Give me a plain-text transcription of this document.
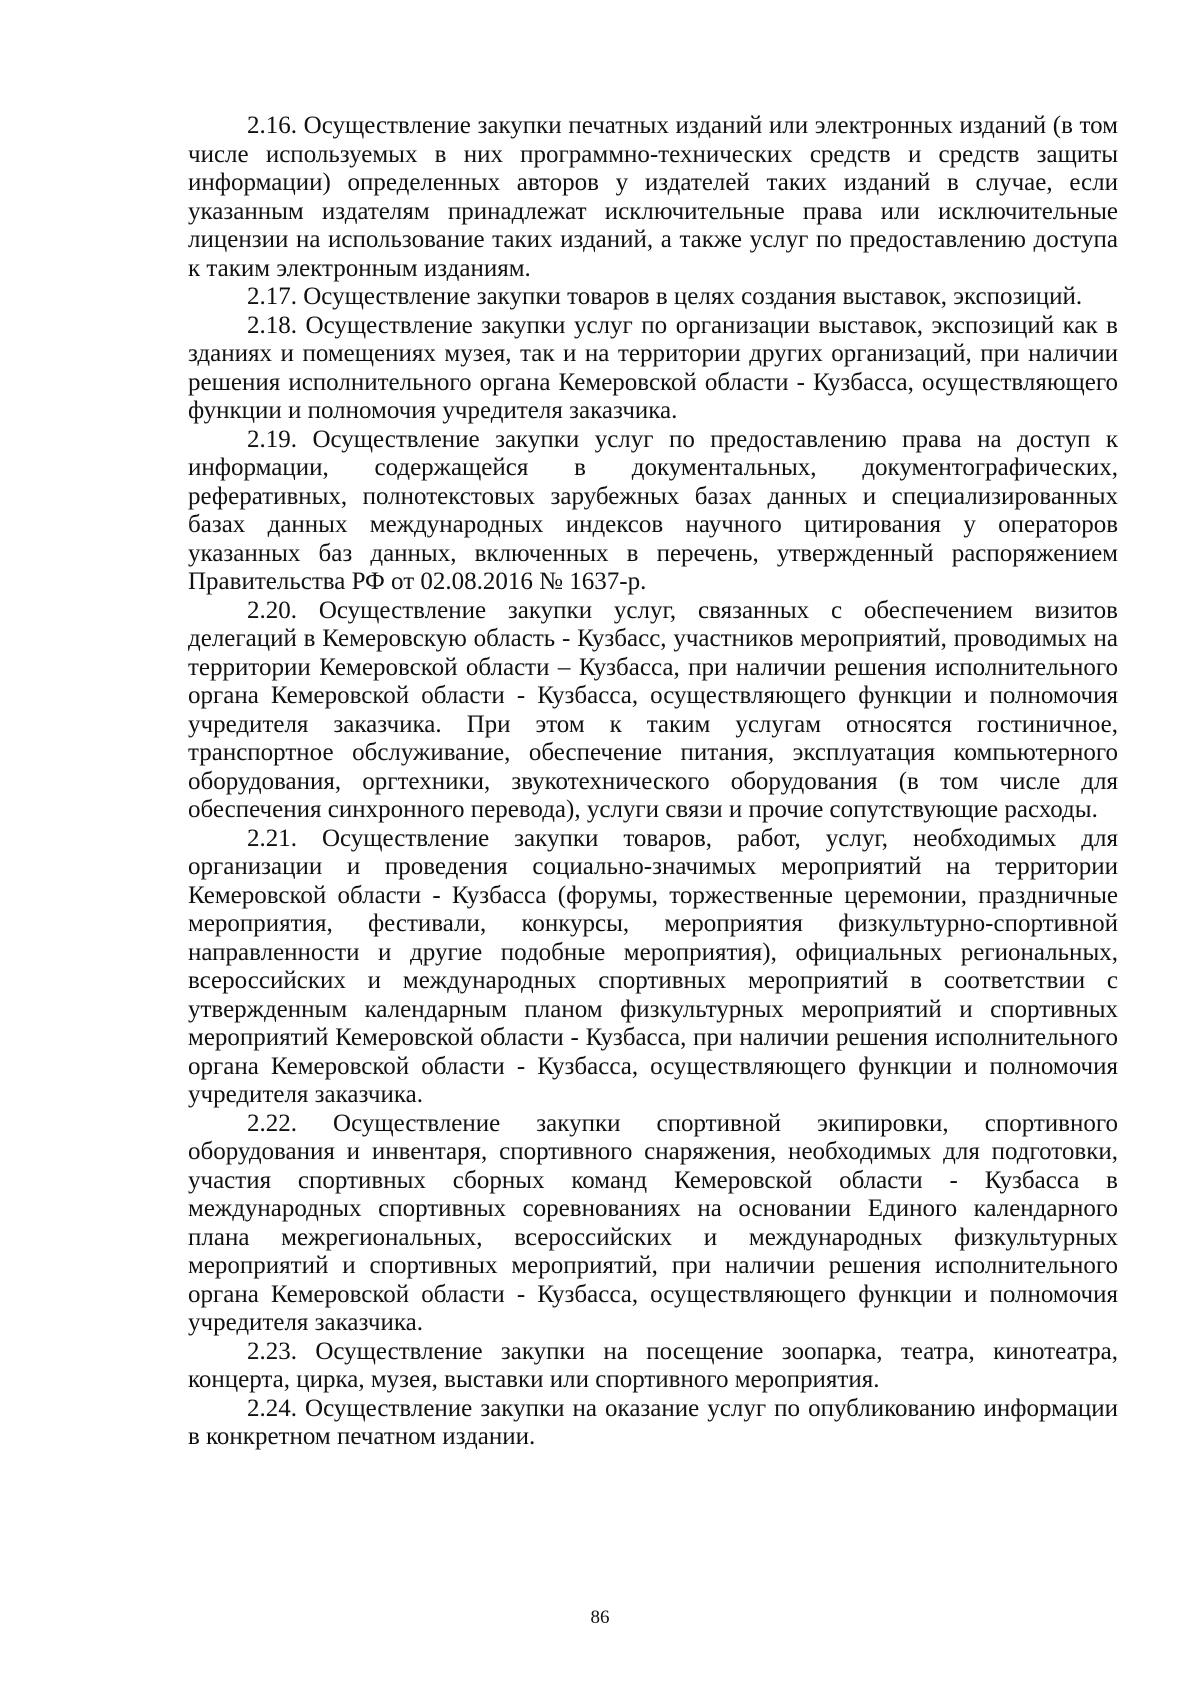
2.16. Осуществление закупки печатных изданий или электронных изданий (в том числе используемых в них программно-технических средств и средств защиты информации) определенных авторов у издателей таких изданий в случае, если указанным издателям принадлежат исключительные права или исключительные лицензии на использование таких изданий, а также услуг по предоставлению доступа к таким электронным изданиям.

2.17. Осуществление закупки товаров в целях создания выставок, экспозиций.

2.18. Осуществление закупки услуг по организации выставок, экспозиций как в зданиях и помещениях музея, так и на территории других организаций, при наличии решения исполнительного органа Кемеровской области - Кузбасса, осуществляющего функции и полномочия учредителя заказчика.

2.19. Осуществление закупки услуг по предоставлению права на доступ к информации, содержащейся в документальных, документографических, реферативных, полнотекстовых зарубежных базах данных и специализированных базах данных международных индексов научного цитирования у операторов указанных баз данных, включенных в перечень, утвержденный распоряжением Правительства РФ от 02.08.2016 № 1637-р.

2.20. Осуществление закупки услуг, связанных с обеспечением визитов делегаций в Кемеровскую область - Кузбасс, участников мероприятий, проводимых на территории Кемеровской области – Кузбасса, при наличии решения исполнительного органа Кемеровской области - Кузбасса, осуществляющего функции и полномочия учредителя заказчика. При этом к таким услугам относятся гостиничное, транспортное обслуживание, обеспечение питания, эксплуатация компьютерного оборудования, оргтехники, звукотехнического оборудования (в том числе для обеспечения синхронного перевода), услуги связи и прочие сопутствующие расходы.

2.21. Осуществление закупки товаров, работ, услуг, необходимых для организации и проведения социально-значимых мероприятий на территории Кемеровской области - Кузбасса (форумы, торжественные церемонии, праздничные мероприятия, фестивали, конкурсы, мероприятия физкультурно-спортивной направленности и другие подобные мероприятия), официальных региональных, всероссийских и международных спортивных мероприятий в соответствии с утвержденным календарным планом физкультурных мероприятий и спортивных мероприятий Кемеровской области - Кузбасса, при наличии решения исполнительного органа Кемеровской области - Кузбасса, осуществляющего функции и полномочия учредителя заказчика.

2.22. Осуществление закупки спортивной экипировки, спортивного оборудования и инвентаря, спортивного снаряжения, необходимых для подготовки, участия спортивных сборных команд Кемеровской области - Кузбасса в международных спортивных соревнованиях на основании Единого календарного плана межрегиональных, всероссийских и международных физкультурных мероприятий и спортивных мероприятий, при наличии решения исполнительного органа Кемеровской области - Кузбасса, осуществляющего функции и полномочия учредителя заказчика.

2.23. Осуществление закупки на посещение зоопарка, театра, кинотеатра, концерта, цирка, музея, выставки или спортивного мероприятия.

2.24. Осуществление закупки на оказание услуг по опубликованию информации в конкретном печатном издании.

86
